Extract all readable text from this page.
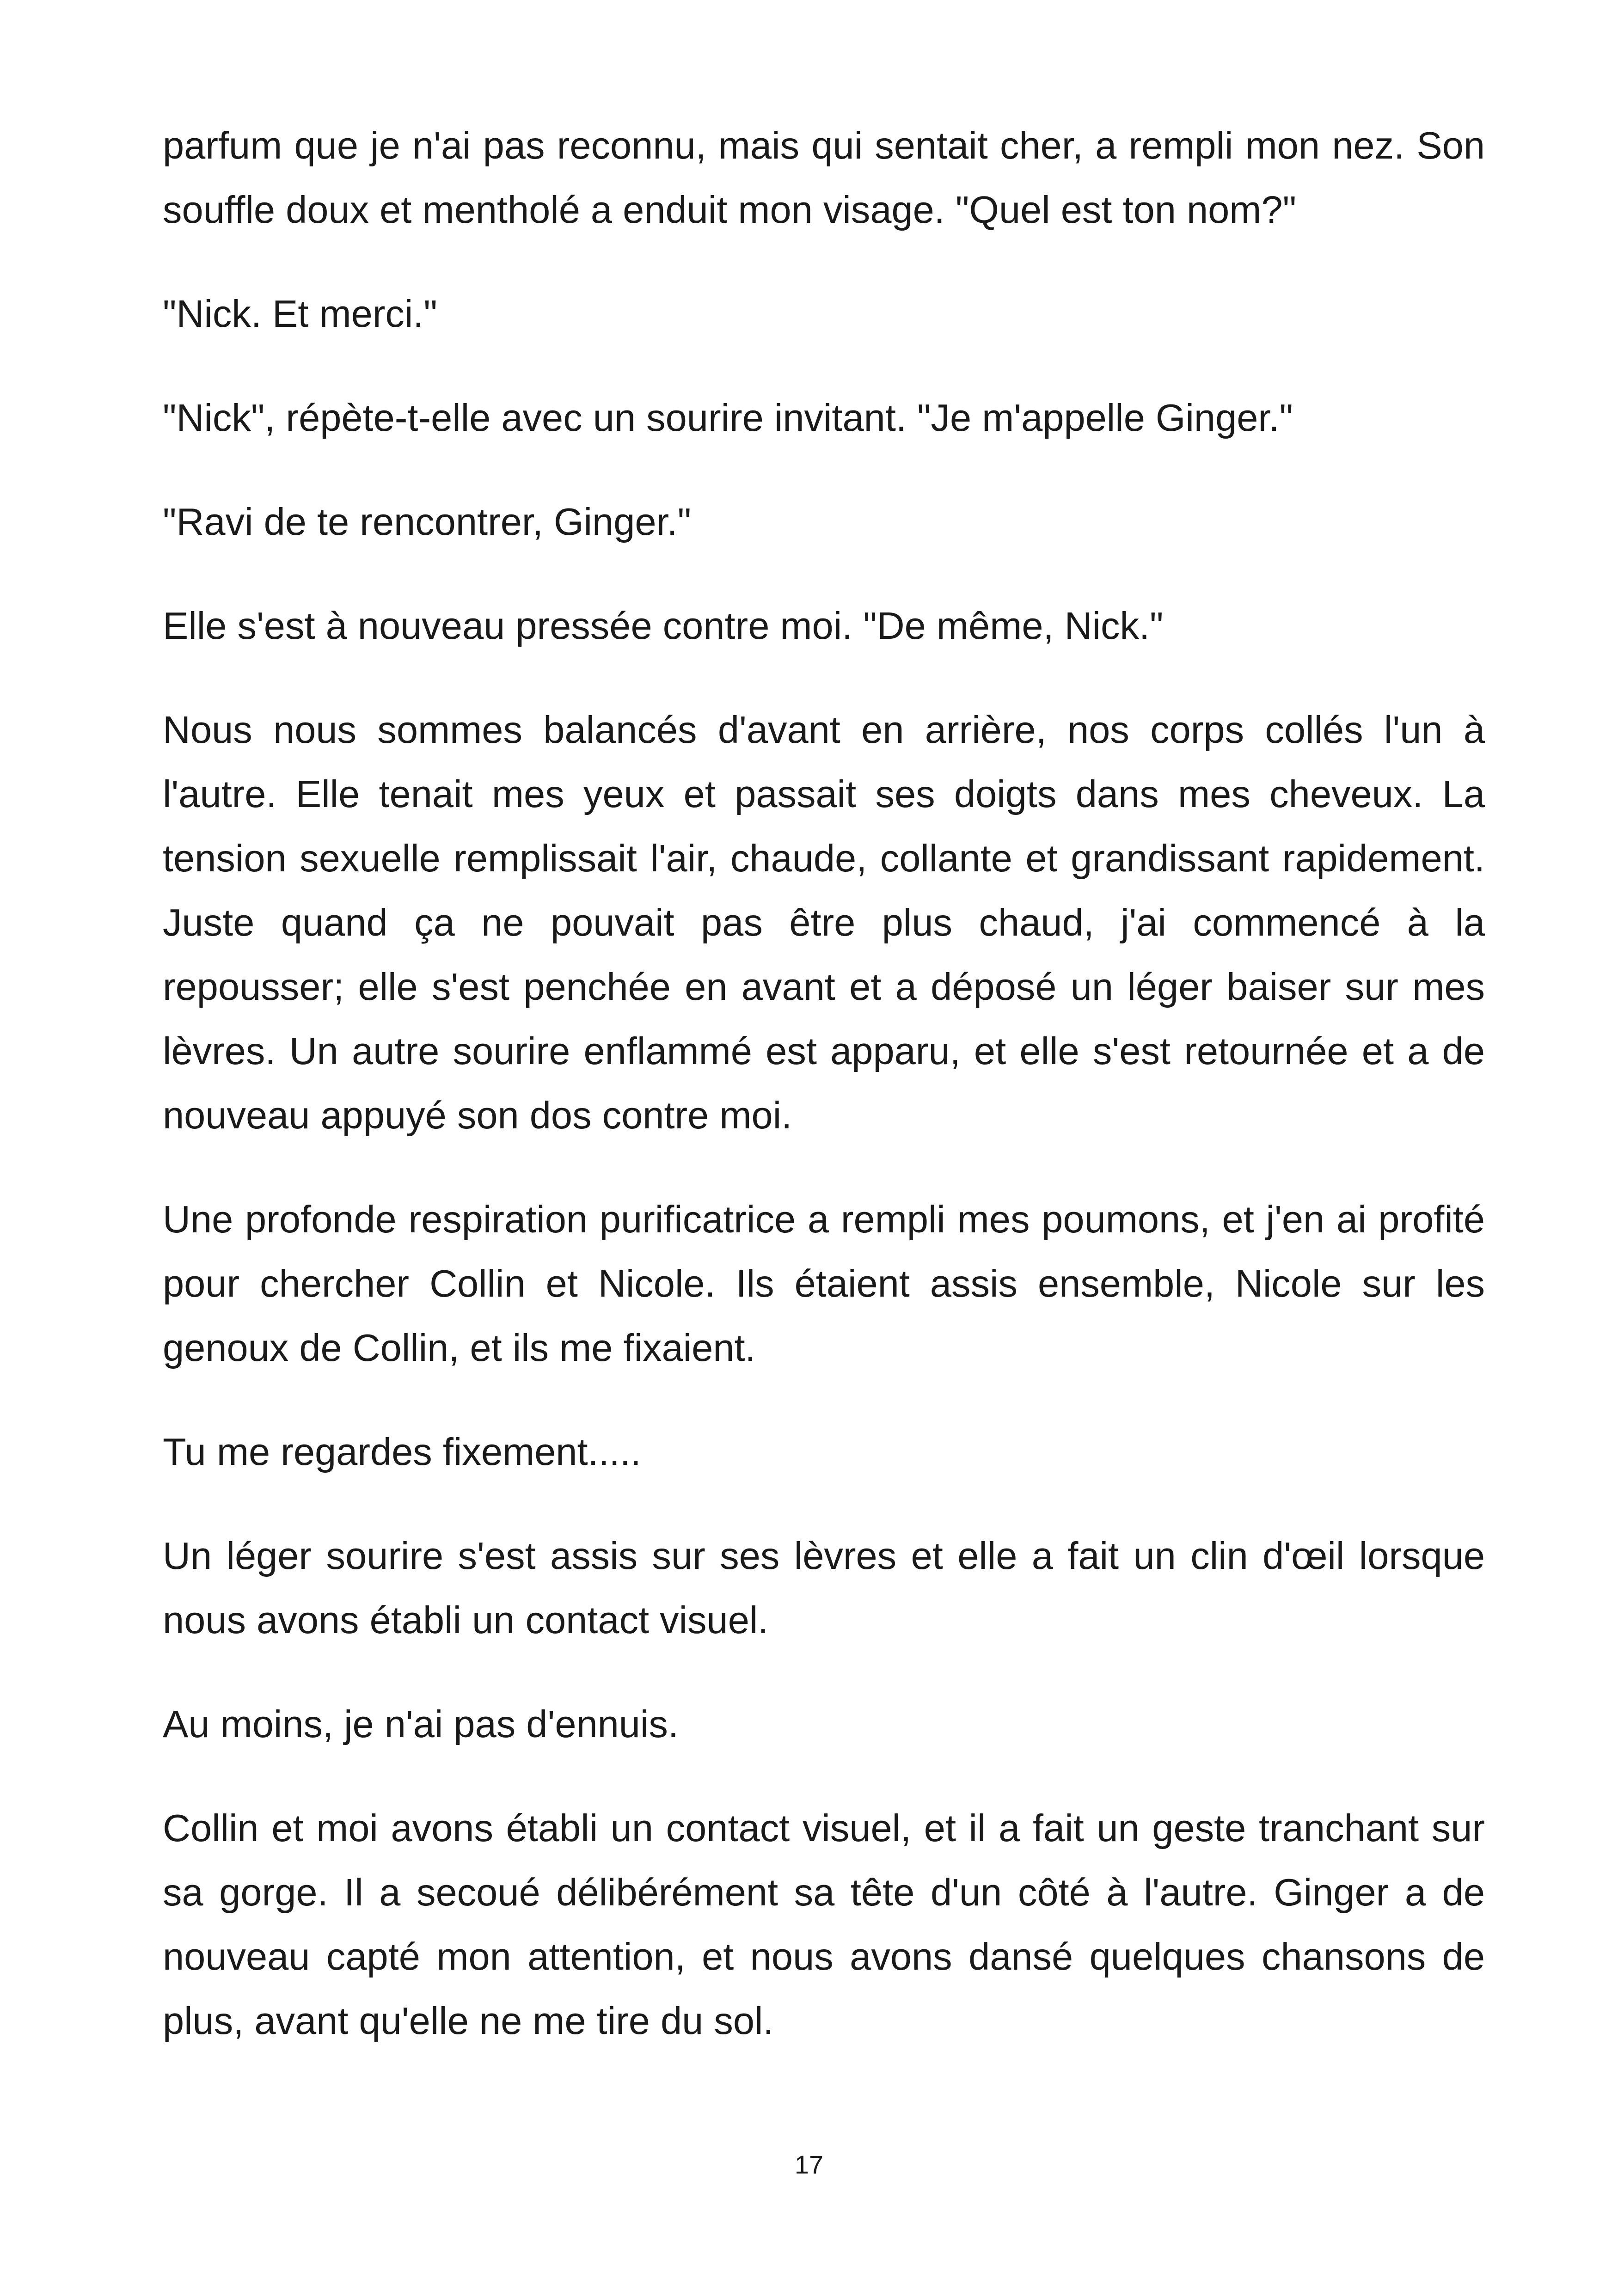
parfum que je n'ai pas reconnu, mais qui sentait cher, a rempli mon nez. Son souffle doux et mentholé a enduit mon visage. "Quel est ton nom?"

"Nick. Et merci."

"Nick", répète-t-elle avec un sourire invitant. "Je m'appelle Ginger."

"Ravi de te rencontrer, Ginger."

Elle s'est à nouveau pressée contre moi. "De même, Nick."

Nous nous sommes balancés d'avant en arrière, nos corps collés l'un à l'autre. Elle tenait mes yeux et passait ses doigts dans mes cheveux. La tension sexuelle remplissait l'air, chaude, collante et grandissant rapidement. Juste quand ça ne pouvait pas être plus chaud, j'ai commencé à la repousser; elle s'est penchée en avant et a déposé un léger baiser sur mes lèvres. Un autre sourire enflammé est apparu, et elle s'est retournée et a de nouveau appuyé son dos contre moi.

Une profonde respiration purificatrice a rempli mes poumons, et j'en ai profité pour chercher Collin et Nicole. Ils étaient assis ensemble, Nicole sur les genoux de Collin, et ils me fixaient.

Tu me regardes fixement.....

Un léger sourire s'est assis sur ses lèvres et elle a fait un clin d'œil lorsque nous avons établi un contact visuel.

Au moins, je n'ai pas d'ennuis.

Collin et moi avons établi un contact visuel, et il a fait un geste tranchant sur sa gorge. Il a secoué délibérément sa tête d'un côté à l'autre. Ginger a de nouveau capté mon attention, et nous avons dansé quelques chansons de plus, avant qu'elle ne me tire du sol.

17
